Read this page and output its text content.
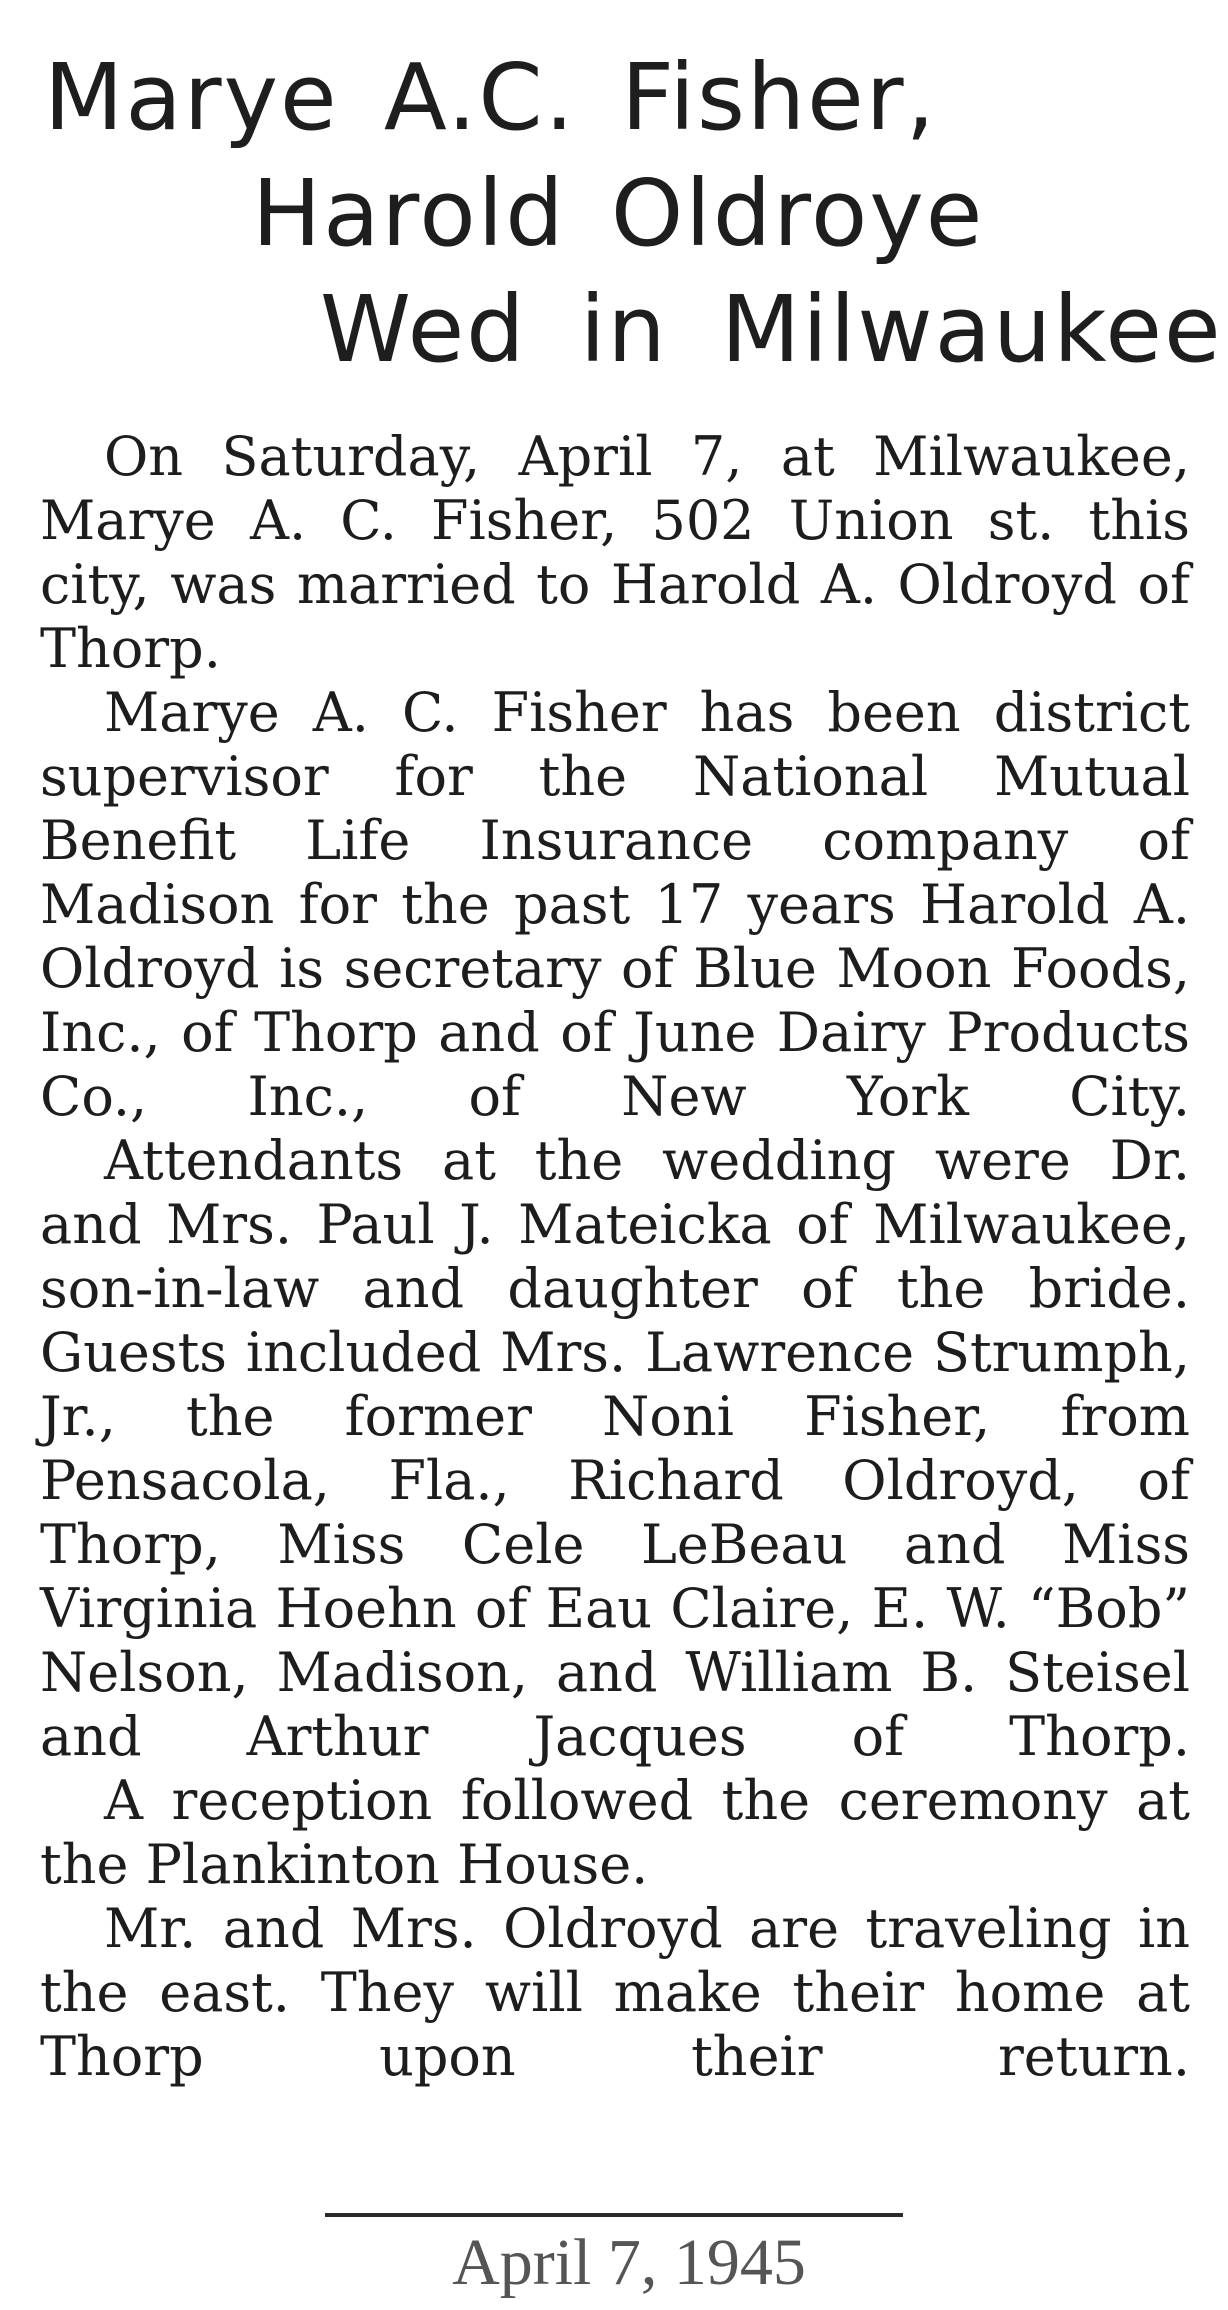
Marye A.C. Fisher,
Harold Oldroye
Wed in Milwaukee

On Saturday, April 7, at Milwaukee, Marye A. C. Fisher, 502 Union st. this city, was married to Harold A. Oldroyd of Thorp.

Marye A. C. Fisher has been district supervisor for the National Mutual Benefit Life Insurance company of Madison for the past 17 years Harold A. Oldroyd is secretary of Blue Moon Foods, Inc., of Thorp and of June Dairy Products Co., Inc., of New York City.

Attendants at the wedding were Dr. and Mrs. Paul J. Mateicka of Milwaukee, son-in-law and daughter of the bride. Guests included Mrs. Lawrence Strumph, Jr., the former Noni Fisher, from Pensacola, Fla., Richard Oldroyd, of Thorp, Miss Cele LeBeau and Miss Virginia Hoehn of Eau Claire, E. W. “Bob” Nelson, Madison, and William B. Steisel and Arthur Jacques of Thorp.

A reception followed the ceremony at the Plankinton House.

Mr. and Mrs. Oldroyd are traveling in the east. They will make their home at Thorp upon their return.

April 7, 1945
